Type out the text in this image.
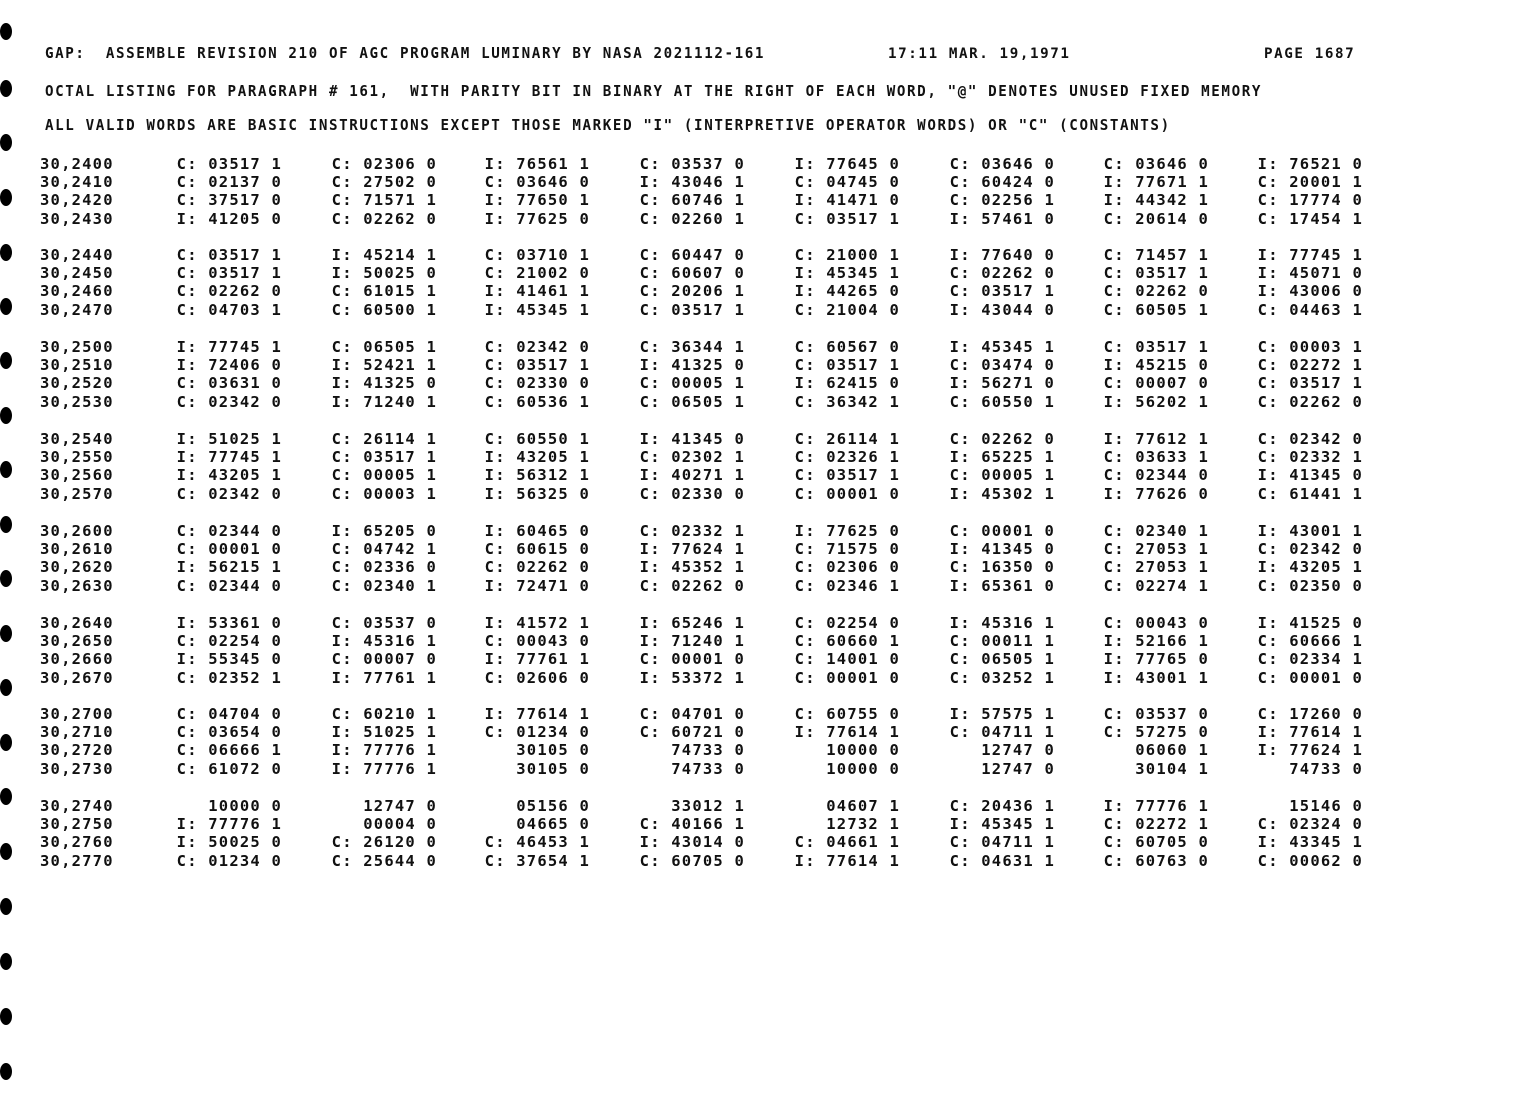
GAP:  ASSEMBLE REVISION 210 OF AGC PROGRAM LUMINARY BY NASA 2021112-161	17:11 MAR. 19,1971	PAGE 1687
OCTAL LISTING FOR PARAGRAPH # 161,  WITH PARITY BIT IN BINARY AT THE RIGHT OF EACH WORD, "@" DENOTES UNUSED FIXED MEMORY
ALL VALID WORDS ARE BASIC INSTRUCTIONS EXCEPT THOSE MARKED "I" (INTERPRETIVE OPERATOR WORDS) OR "C" (CONSTANTS)
30,2400	C: 03517 1	C: 02306 0	I: 76561 1	C: 03537 0	I: 77645 0	C: 03646 0	C: 03646 0	I: 76521 0
30,2410	C: 02137 0	C: 27502 0	C: 03646 0	I: 43046 1	C: 04745 0	C: 60424 0	I: 77671 1	C: 20001 1
30,2420	C: 37517 0	C: 71571 1	I: 77650 1	C: 60746 1	I: 41471 0	C: 02256 1	I: 44342 1	C: 17774 0
30,2430	I: 41205 0	C: 02262 0	I: 77625 0	C: 02260 1	C: 03517 1	I: 57461 0	C: 20614 0	C: 17454 1
30,2440	C: 03517 1	I: 45214 1	C: 03710 1	C: 60447 0	C: 21000 1	I: 77640 0	C: 71457 1	I: 77745 1
30,2450	C: 03517 1	I: 50025 0	C: 21002 0	C: 60607 0	I: 45345 1	C: 02262 0	C: 03517 1	I: 45071 0
30,2460	C: 02262 0	C: 61015 1	I: 41461 1	C: 20206 1	I: 44265 0	C: 03517 1	C: 02262 0	I: 43006 0
30,2470	C: 04703 1	C: 60500 1	I: 45345 1	C: 03517 1	C: 21004 0	I: 43044 0	C: 60505 1	C: 04463 1
30,2500	I: 77745 1	C: 06505 1	C: 02342 0	C: 36344 1	C: 60567 0	I: 45345 1	C: 03517 1	C: 00003 1
30,2510	I: 72406 0	I: 52421 1	C: 03517 1	I: 41325 0	C: 03517 1	C: 03474 0	I: 45215 0	C: 02272 1
30,2520	C: 03631 0	I: 41325 0	C: 02330 0	C: 00005 1	I: 62415 0	I: 56271 0	C: 00007 0	C: 03517 1
30,2530	C: 02342 0	I: 71240 1	C: 60536 1	C: 06505 1	C: 36342 1	C: 60550 1	I: 56202 1	C: 02262 0
30,2540	I: 51025 1	C: 26114 1	C: 60550 1	I: 41345 0	C: 26114 1	C: 02262 0	I: 77612 1	C: 02342 0
30,2550	I: 77745 1	C: 03517 1	I: 43205 1	C: 02302 1	C: 02326 1	I: 65225 1	C: 03633 1	C: 02332 1
30,2560	I: 43205 1	C: 00005 1	I: 56312 1	I: 40271 1	C: 03517 1	C: 00005 1	C: 02344 0	I: 41345 0
30,2570	C: 02342 0	C: 00003 1	I: 56325 0	C: 02330 0	C: 00001 0	I: 45302 1	I: 77626 0	C: 61441 1
30,2600	C: 02344 0	I: 65205 0	I: 60465 0	C: 02332 1	I: 77625 0	C: 00001 0	C: 02340 1	I: 43001 1
30,2610	C: 00001 0	C: 04742 1	C: 60615 0	I: 77624 1	C: 71575 0	I: 41345 0	C: 27053 1	C: 02342 0
30,2620	I: 56215 1	C: 02336 0	C: 02262 0	I: 45352 1	C: 02306 0	C: 16350 0	C: 27053 1	I: 43205 1
30,2630	C: 02344 0	C: 02340 1	I: 72471 0	C: 02262 0	C: 02346 1	I: 65361 0	C: 02274 1	C: 02350 0
30,2640	I: 53361 0	C: 03537 0	I: 41572 1	I: 65246 1	C: 02254 0	I: 45316 1	C: 00043 0	I: 41525 0
30,2650	C: 02254 0	I: 45316 1	C: 00043 0	I: 71240 1	C: 60660 1	C: 00011 1	I: 52166 1	C: 60666 1
30,2660	I: 55345 0	C: 00007 0	I: 77761 1	C: 00001 0	C: 14001 0	C: 06505 1	I: 77765 0	C: 02334 1
30,2670	C: 02352 1	I: 77761 1	C: 02606 0	I: 53372 1	C: 00001 0	C: 03252 1	I: 43001 1	C: 00001 0
30,2700	C: 04704 0	C: 60210 1	I: 77614 1	C: 04701 0	C: 60755 0	I: 57575 1	C: 03537 0	C: 17260 0
30,2710	C: 03654 0	I: 51025 1	C: 01234 0	C: 60721 0	I: 77614 1	C: 04711 1	C: 57275 0	I: 77614 1
30,2720	C: 06666 1	I: 77776 1	30105 0	74733 0	10000 0	12747 0	06060 1	I: 77624 1
30,2730	C: 61072 0	I: 77776 1	30105 0	74733 0	10000 0	12747 0	30104 1	74733 0
30,2740	10000 0	12747 0	05156 0	33012 1	04607 1	C: 20436 1	I: 77776 1	15146 0
30,2750	I: 77776 1	00004 0	04665 0	C: 40166 1	12732 1	I: 45345 1	C: 02272 1	C: 02324 0
30,2760	I: 50025 0	C: 26120 0	C: 46453 1	I: 43014 0	C: 04661 1	C: 04711 1	C: 60705 0	I: 43345 1
30,2770	C: 01234 0	C: 25644 0	C: 37654 1	C: 60705 0	I: 77614 1	C: 04631 1	C: 60763 0	C: 00062 0
